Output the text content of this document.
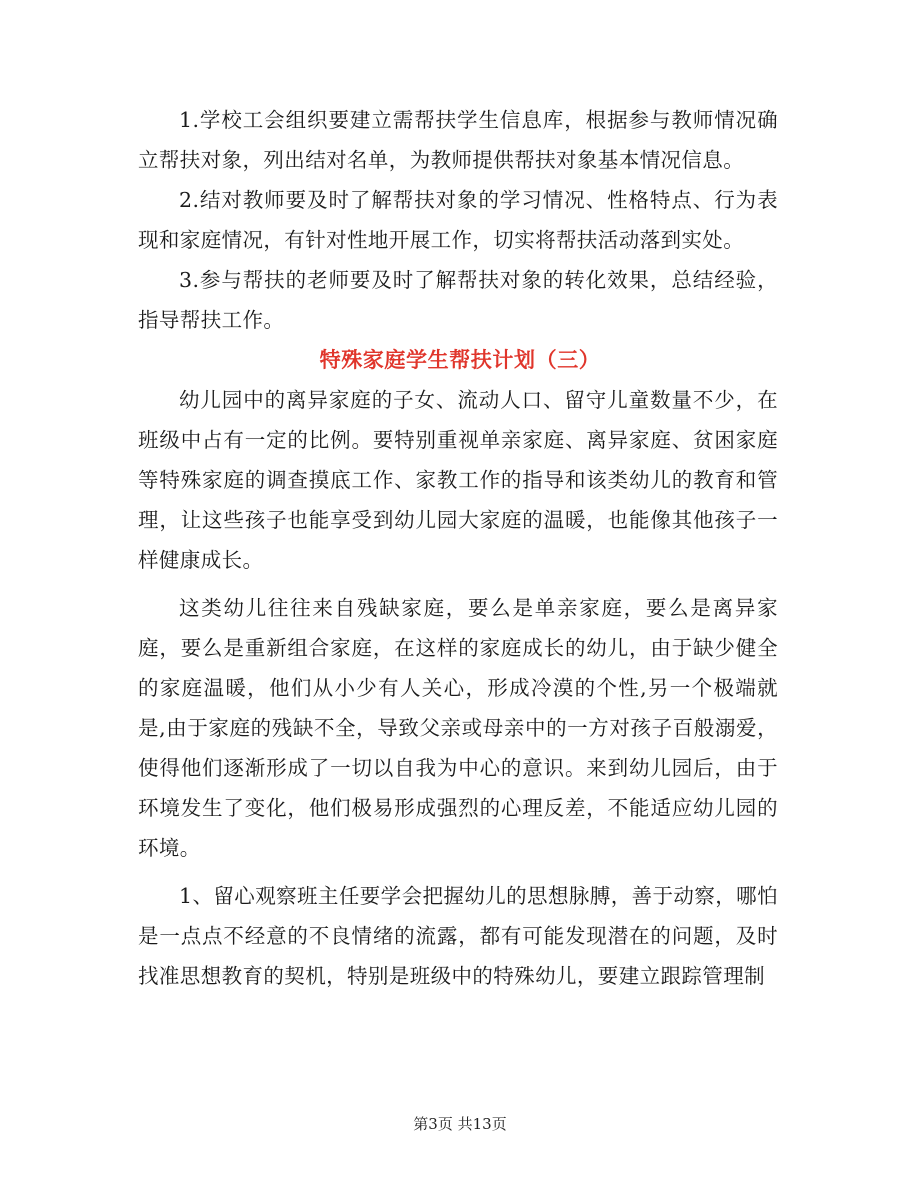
1.学校工会组织要建立需帮扶学生信息库，根据参与教师情况确立帮扶对象，列出结对名单，为教师提供帮扶对象基本情况信息。

2.结对教师要及时了解帮扶对象的学习情况、性格特点、行为表现和家庭情况，有针对性地开展工作，切实将帮扶活动落到实处。

3.参与帮扶的老师要及时了解帮扶对象的转化效果，总结经验，指导帮扶工作。

特殊家庭学生帮扶计划（三）

幼儿园中的离异家庭的子女、流动人口、留守儿童数量不少，在班级中占有一定的比例。要特别重视单亲家庭、离异家庭、贫困家庭等特殊家庭的调查摸底工作、家教工作的指导和该类幼儿的教育和管理，让这些孩子也能享受到幼儿园大家庭的温暖，也能像其他孩子一样健康成长。

这类幼儿往往来自残缺家庭，要么是单亲家庭，要么是离异家庭，要么是重新组合家庭，在这样的家庭成长的幼儿，由于缺少健全的家庭温暖，他们从小少有人关心，形成冷漠的个性,另一个极端就是,由于家庭的残缺不全，导致父亲或母亲中的一方对孩子百般溺爱，使得他们逐渐形成了一切以自我为中心的意识。来到幼儿园后，由于环境发生了变化，他们极易形成强烈的心理反差，不能适应幼儿园的环境。

1、留心观察班主任要学会把握幼儿的思想脉膊，善于动察，哪怕是一点点不经意的不良情绪的流露，都有可能发现潜在的问题，及时找准思想教育的契机，特别是班级中的特殊幼儿，要建立跟踪管理制

第3页 共13页
